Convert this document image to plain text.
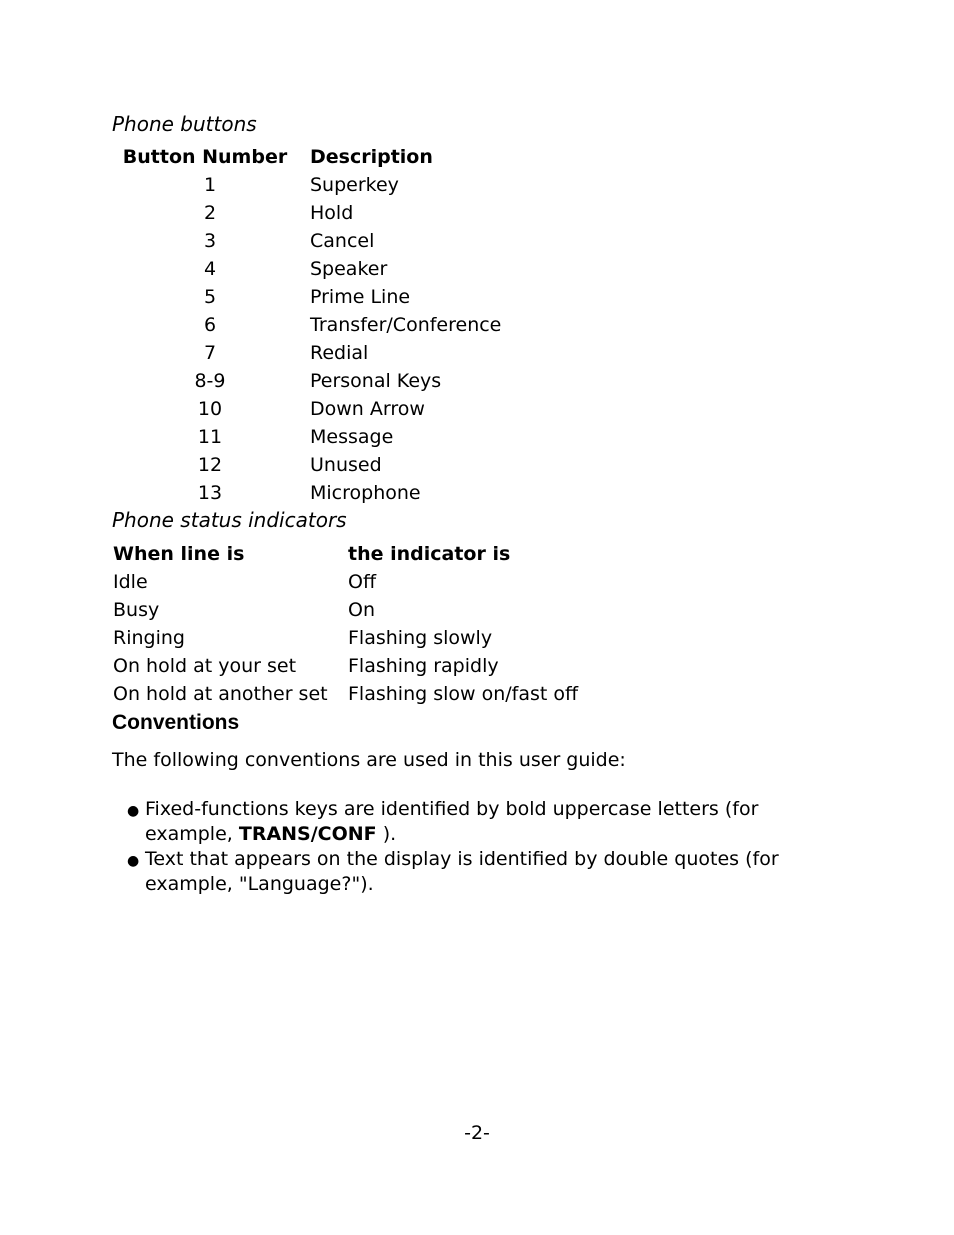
Phone buttons

Button Number	Description
1	Superkey
2	Hold
3	Cancel
4	Speaker
5	Prime Line
6	Transfer/Conference
7	Redial
8-9	Personal Keys
10	Down Arrow
11	Message
12	Unused
13	Microphone

Phone status indicators

When line is	the indicator is
Idle	Off
Busy	On
Ringing	Flashing slowly
On hold at your set	Flashing rapidly
On hold at another set	Flashing slow on/fast off
Conventions

The following conventions are used in this user guide:

● Fixed-functions keys are identified by bold uppercase letters (for
example, TRANS/CONF ).
● Text that appears on the display is identified by double quotes (for
example, "Language?").

-2-
